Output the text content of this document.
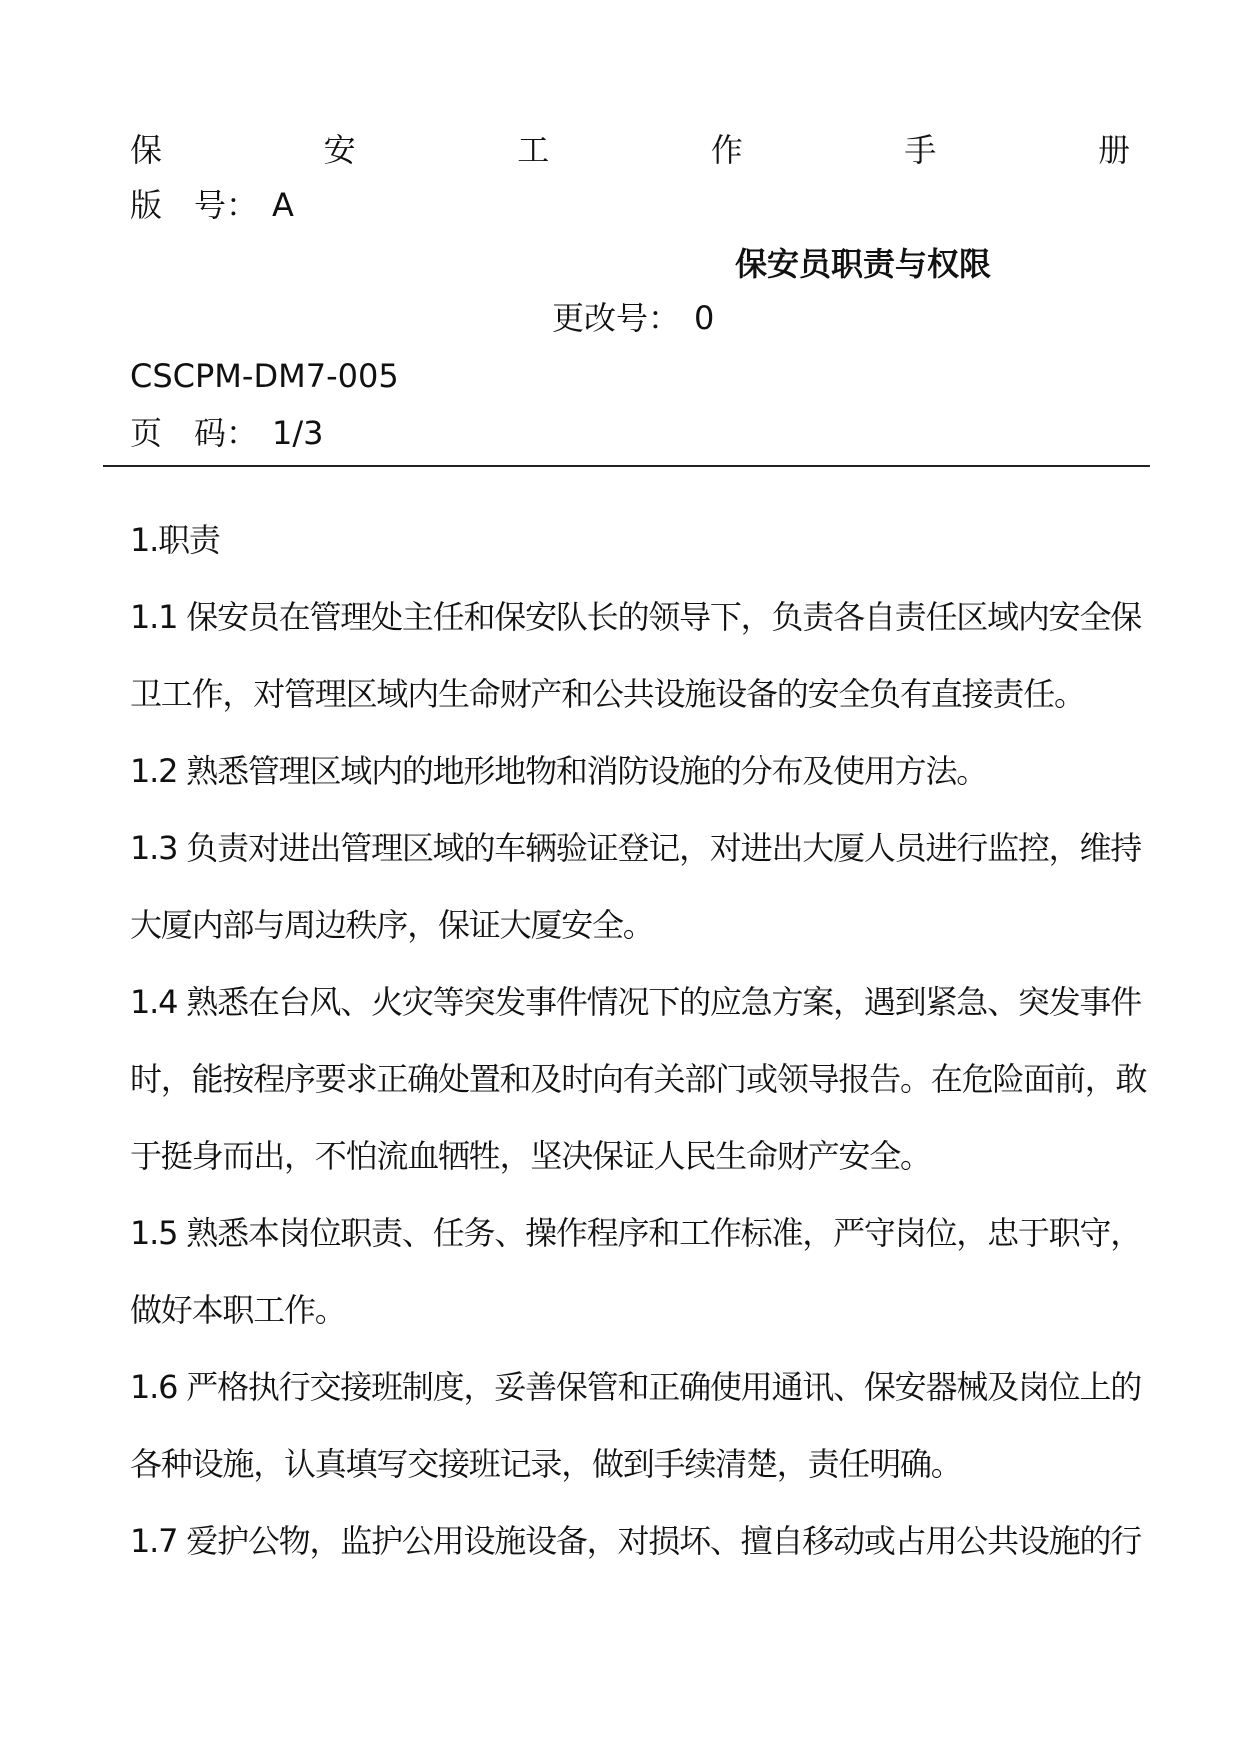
保	安	工	作	手	册
版　号： A
保安员职责与权限
更改号： 0
CSCPM-DM7-005
页　码： 1/3
1.职责
1.1 保安员在管理处主任和保安队长的领导下，负责各自责任区域内安全保
卫工作，对管理区域内生命财产和公共设施设备的安全负有直接责任。
1.2 熟悉管理区域内的地形地物和消防设施的分布及使用方法。
1.3 负责对进出管理区域的车辆验证登记，对进出大厦人员进行监控，维持
大厦内部与周边秩序，保证大厦安全。
1.4 熟悉在台风、火灾等突发事件情况下的应急方案，遇到紧急、突发事件
时，能按程序要求正确处置和及时向有关部门或领导报告。在危险面前，敢
于挺身而出，不怕流血牺牲，坚决保证人民生命财产安全。
1.5 熟悉本岗位职责、任务、操作程序和工作标准，严守岗位，忠于职守，
做好本职工作。
1.6 严格执行交接班制度，妥善保管和正确使用通讯、保安器械及岗位上的
各种设施，认真填写交接班记录，做到手续清楚，责任明确。
1.7 爱护公物，监护公用设施设备，对损坏、擅自移动或占用公共设施的行
